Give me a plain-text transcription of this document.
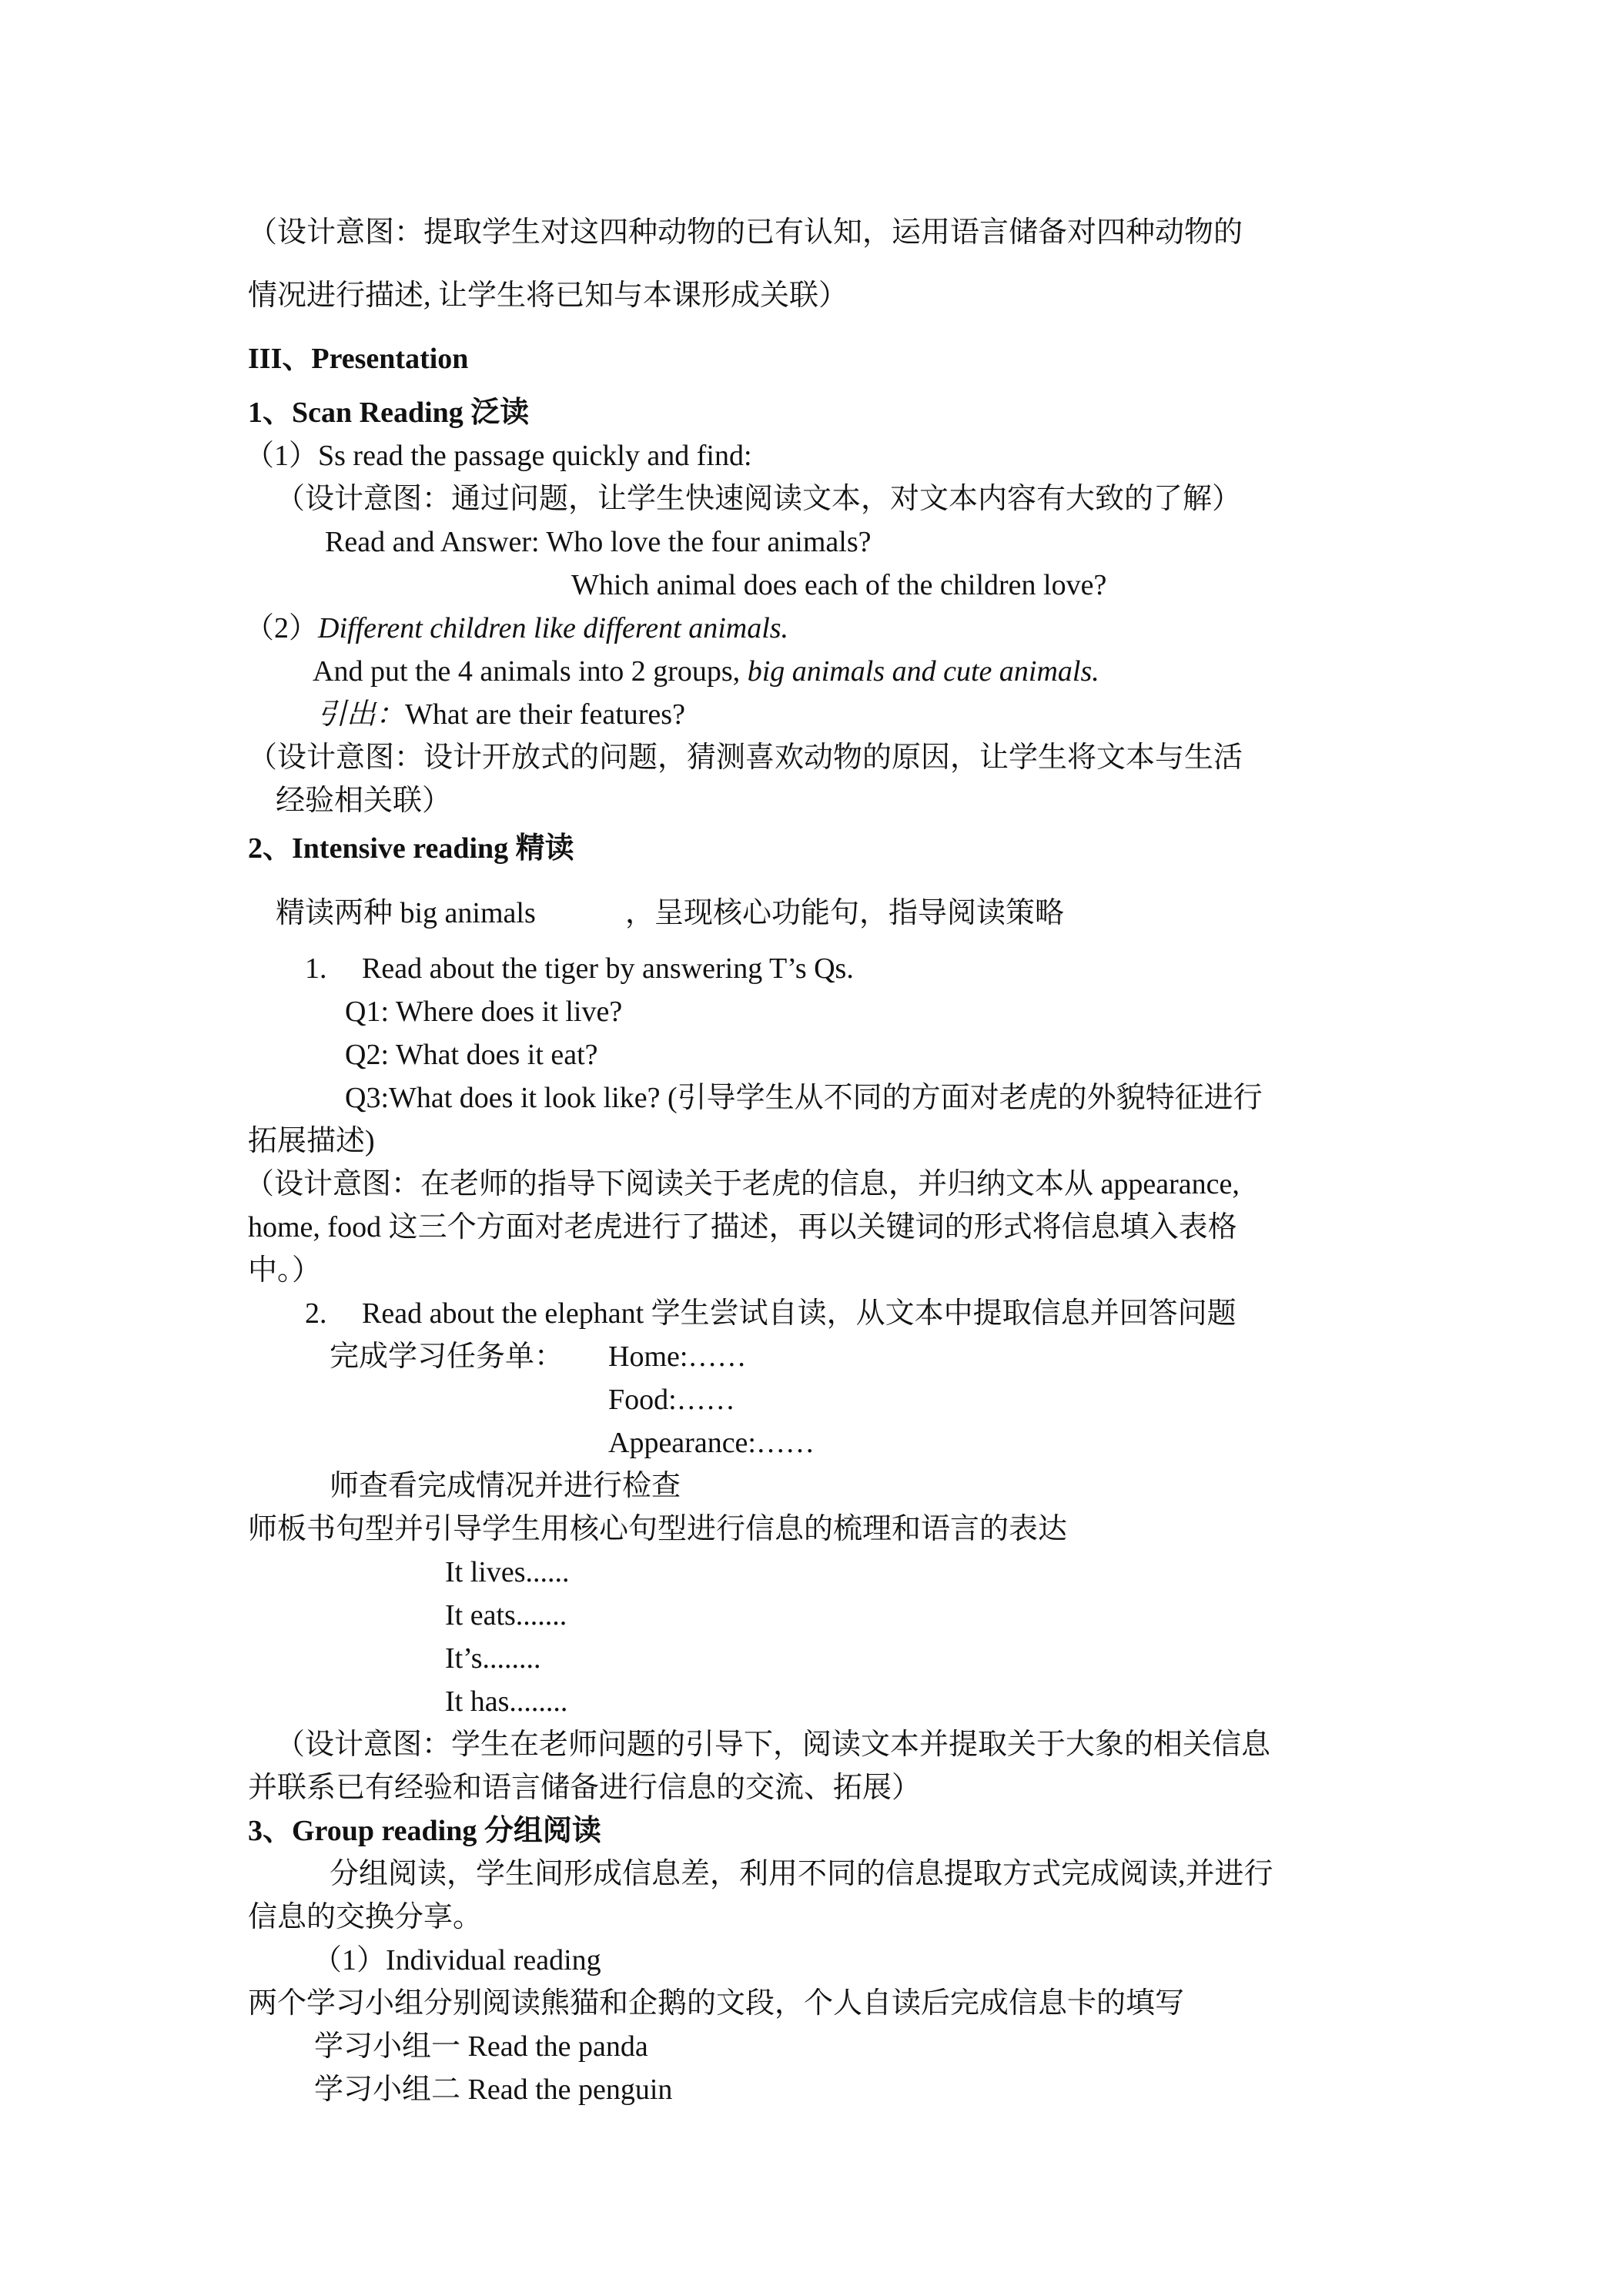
（设计意图：提取学生对这四种动物的已有认知，运用语言储备对四种动物的
情况进行描述, 让学生将已知与本课形成关联）
III、Presentation
1、Scan Reading 泛读
（1）Ss read the passage quickly and find:
（设计意图：通过问题，让学生快速阅读文本，对文本内容有大致的了解）
Read and Answer: Who love the four animals?
Which animal does each of the children love?
（2）Different children like different animals.
And put the 4 animals into 2 groups, big animals and cute animals.
引出：What are their features?
（设计意图：设计开放式的问题，猜测喜欢动物的原因，让学生将文本与生活
经验相关联）
2、Intensive reading 精读
精读两种 big animals	，呈现核心功能句，指导阅读策略
1. Read about the tiger by answering T’s Qs.
Q1: Where does it live?
Q2: What does it eat?
Q3:What does it look like? (引导学生从不同的方面对老虎的外貌特征进行
拓展描述)
（设计意图：在老师的指导下阅读关于老虎的信息，并归纳文本从 appearance,
home, food 这三个方面对老虎进行了描述，再以关键词的形式将信息填入表格
中。）
2. Read about the elephant 学生尝试自读，从文本中提取信息并回答问题
完成学习任务单： Home:……
Food:……
Appearance:……
师查看完成情况并进行检查
师板书句型并引导学生用核心句型进行信息的梳理和语言的表达
It lives......
It eats.......
It’s........
It has........
（设计意图：学生在老师问题的引导下，阅读文本并提取关于大象的相关信息
并联系已有经验和语言储备进行信息的交流、拓展）
3、Group reading 分组阅读
分组阅读，学生间形成信息差，利用不同的信息提取方式完成阅读,并进行
信息的交换分享。
（1）Individual reading
两个学习小组分别阅读熊猫和企鹅的文段，个人自读后完成信息卡的填写
学习小组一 Read the panda
学习小组二 Read the penguin
